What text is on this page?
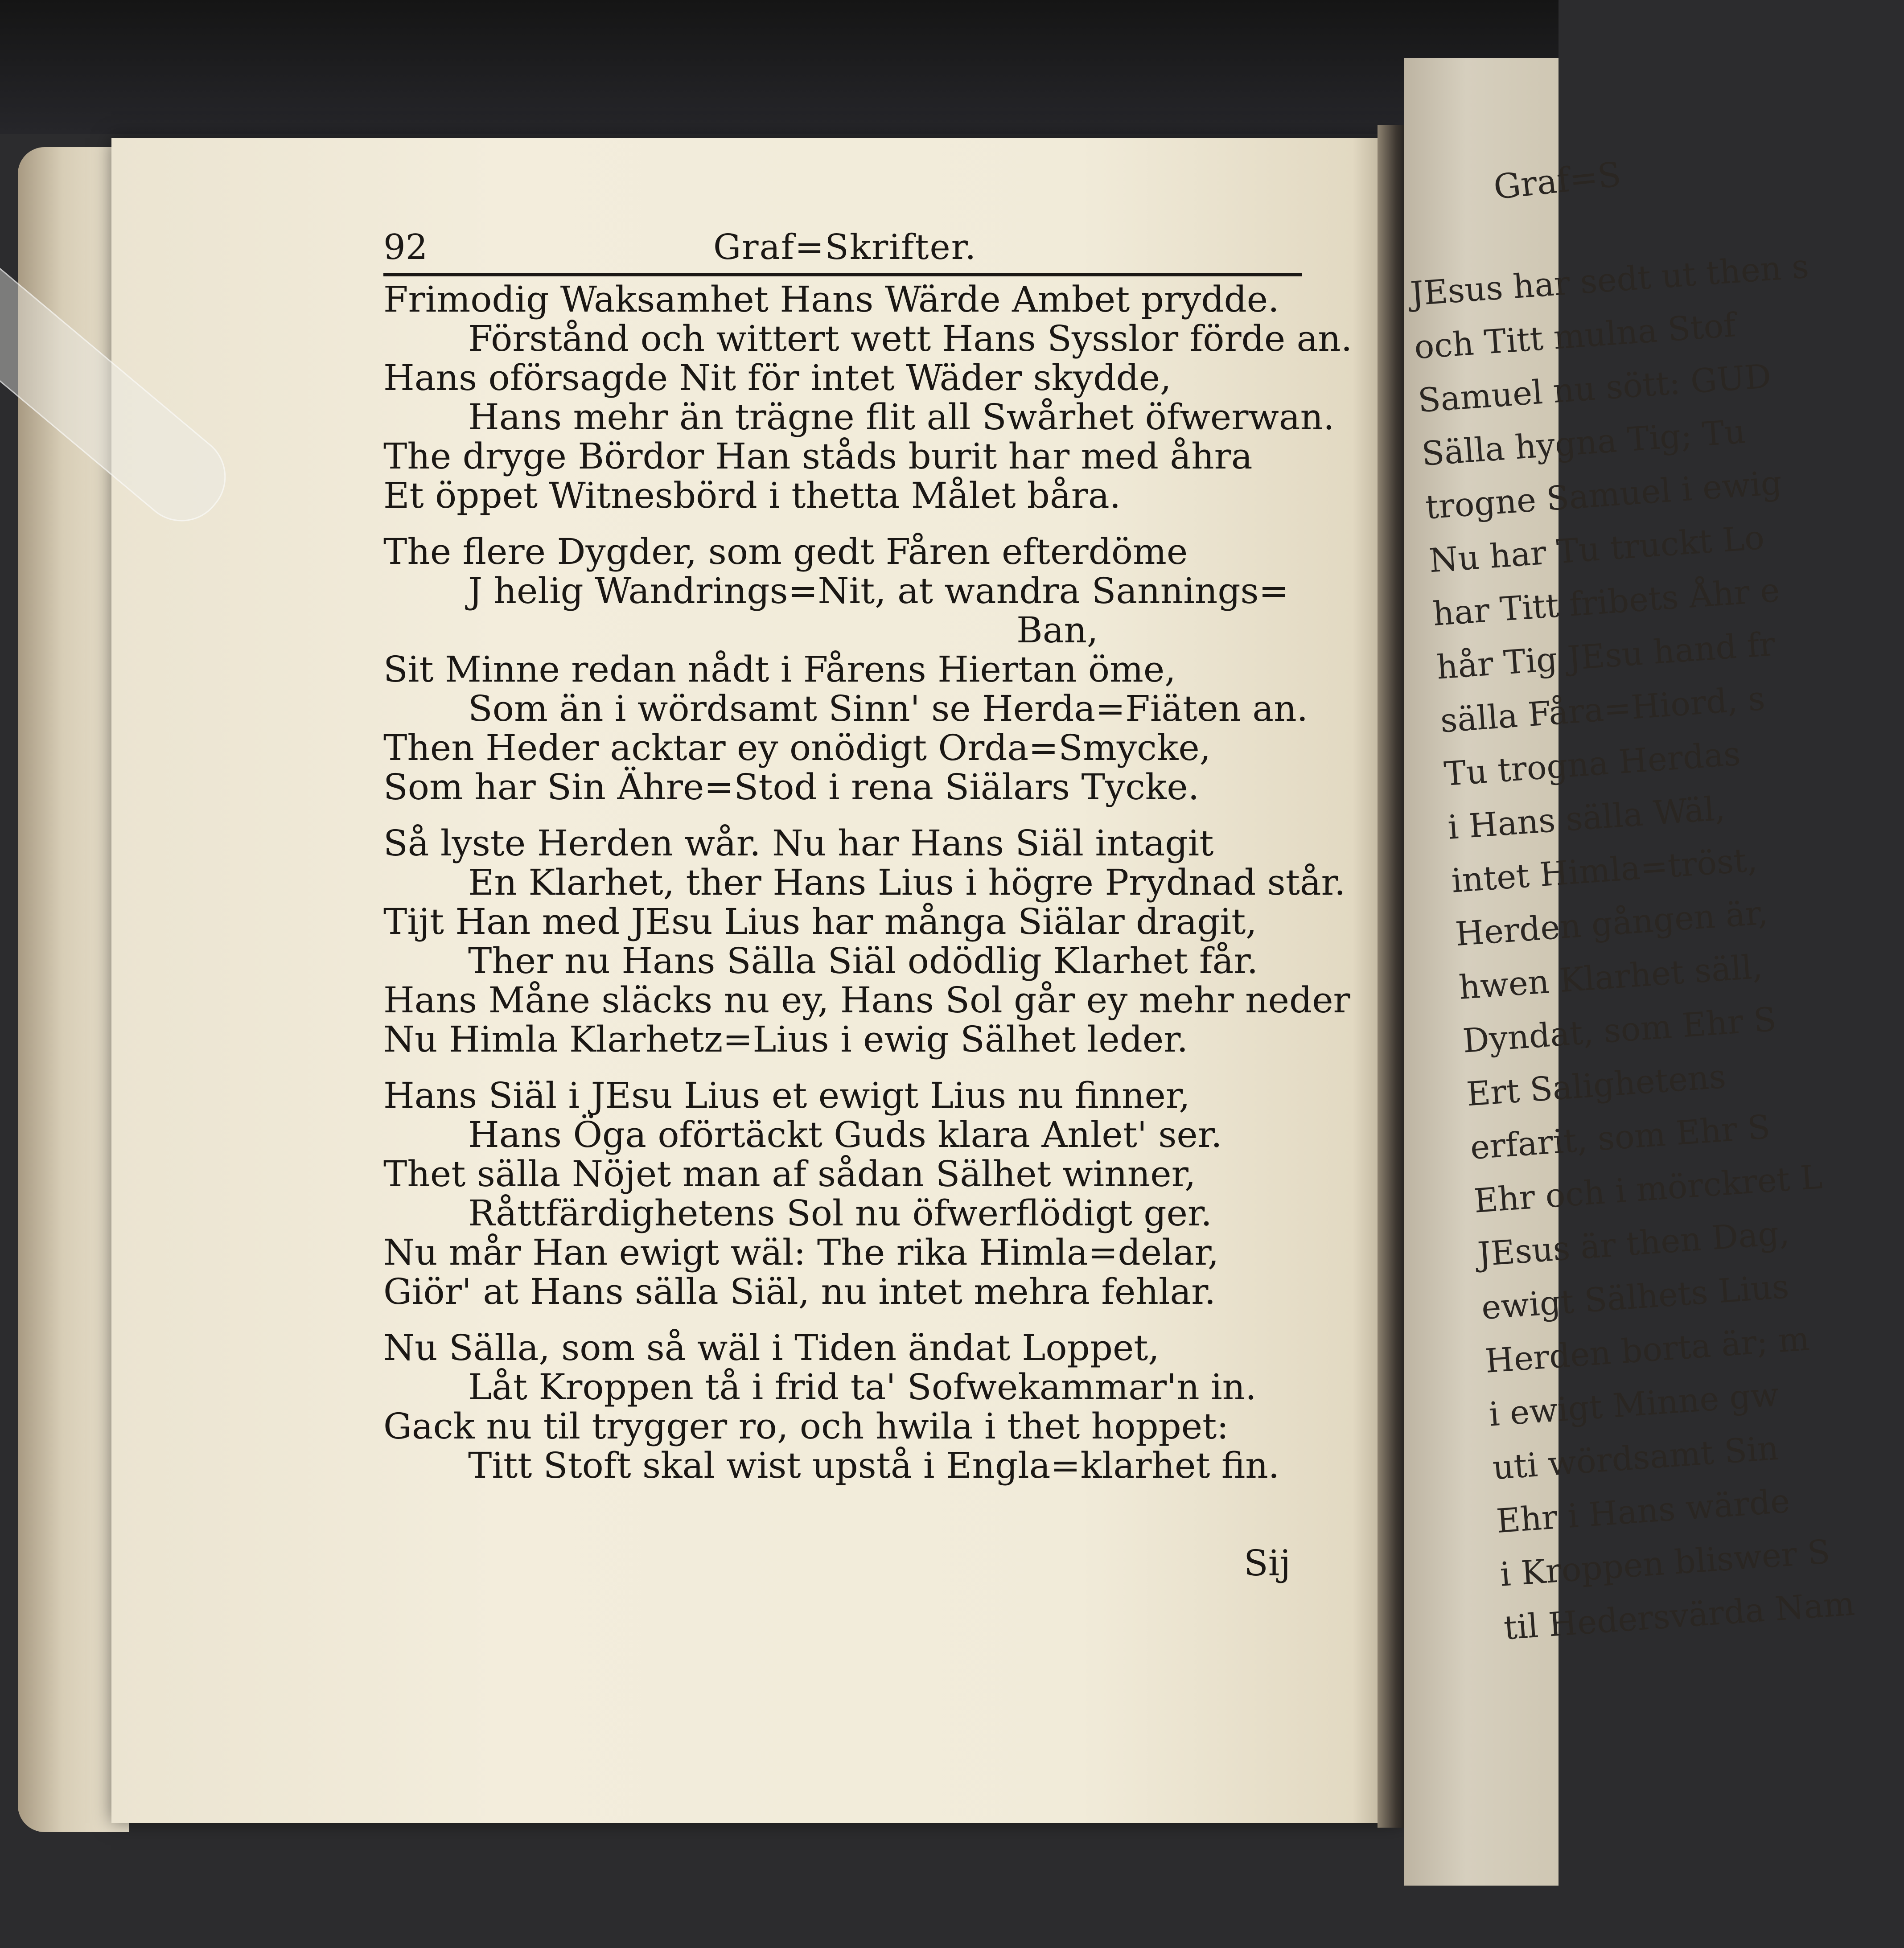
Graf=S
JEsus har sedt ut then s
och Titt mulna Stof
Samuel nu sött: GUD
Sälla hygna Tig; Tu
trogne Samuel i ewig
Nu har Tu truckt Lo
har Titt fribets Åhr e
hår Tig JEsu hand fr
sälla Fåra=Hiord, s
Tu trogna Herdas
i Hans sälla Wäl,
intet Himla=tröst,
Herden gången är,
hwen Klarhet säll,
Dyndat, som Ehr S
Ert Salighetens
erfarit, som Ehr S
Ehr och i mörckret L
JEsus är then Dag,
ewigt Sälhets Lius
Herden borta är; m
i ewigt Minne gw
uti wördsamt Sin
Ehr i Hans wärde
i Kroppen bliswer S
til Hedersvärda Nam
92	Graf=Skrifter.
Frimodig Waksamhet Hans Wärde Ambet prydde.
Förstånd och wittert wett Hans Sysslor förde an.
Hans oförsagde Nit för intet Wäder skydde,
Hans mehr än trägne flit all Swårhet öfwerwan.
The dryge Bördor Han ståds burit har med åhra
Et öppet Witnesbörd i thetta Målet båra.
The flere Dygder, som gedt Fåren efterdöme
J helig Wandrings=Nit, at wandra Sannings=
Ban,
Sit Minne redan nådt i Fårens Hiertan öme,
Som än i wördsamt Sinn' se Herda=Fiäten an.
Then Heder acktar ey onödigt Orda=Smycke,
Som har Sin Ähre=Stod i rena Siälars Tycke.
Så lyste Herden wår. Nu har Hans Siäl intagit
En Klarhet, ther Hans Lius i högre Prydnad står.
Tijt Han med JEsu Lius har många Siälar dragit,
Ther nu Hans Sälla Siäl odödlig Klarhet får.
Hans Måne släcks nu ey, Hans Sol går ey mehr neder
Nu Himla Klarhetz=Lius i ewig Sälhet leder.
Hans Siäl i JEsu Lius et ewigt Lius nu finner,
Hans Öga oförtäckt Guds klara Anlet' ser.
Thet sälla Nöjet man af sådan Sälhet winner,
Råttfärdighetens Sol nu öfwerflödigt ger.
Nu mår Han ewigt wäl: The rika Himla=delar,
Giör' at Hans sälla Siäl, nu intet mehra fehlar.
Nu Sälla, som så wäl i Tiden ändat Loppet,
Låt Kroppen tå i frid ta' Sofwekammar'n in.
Gack nu til trygger ro, och hwila i thet hoppet:
Titt Stoft skal wist upstå i Engla=klarhet fin.
Sij
